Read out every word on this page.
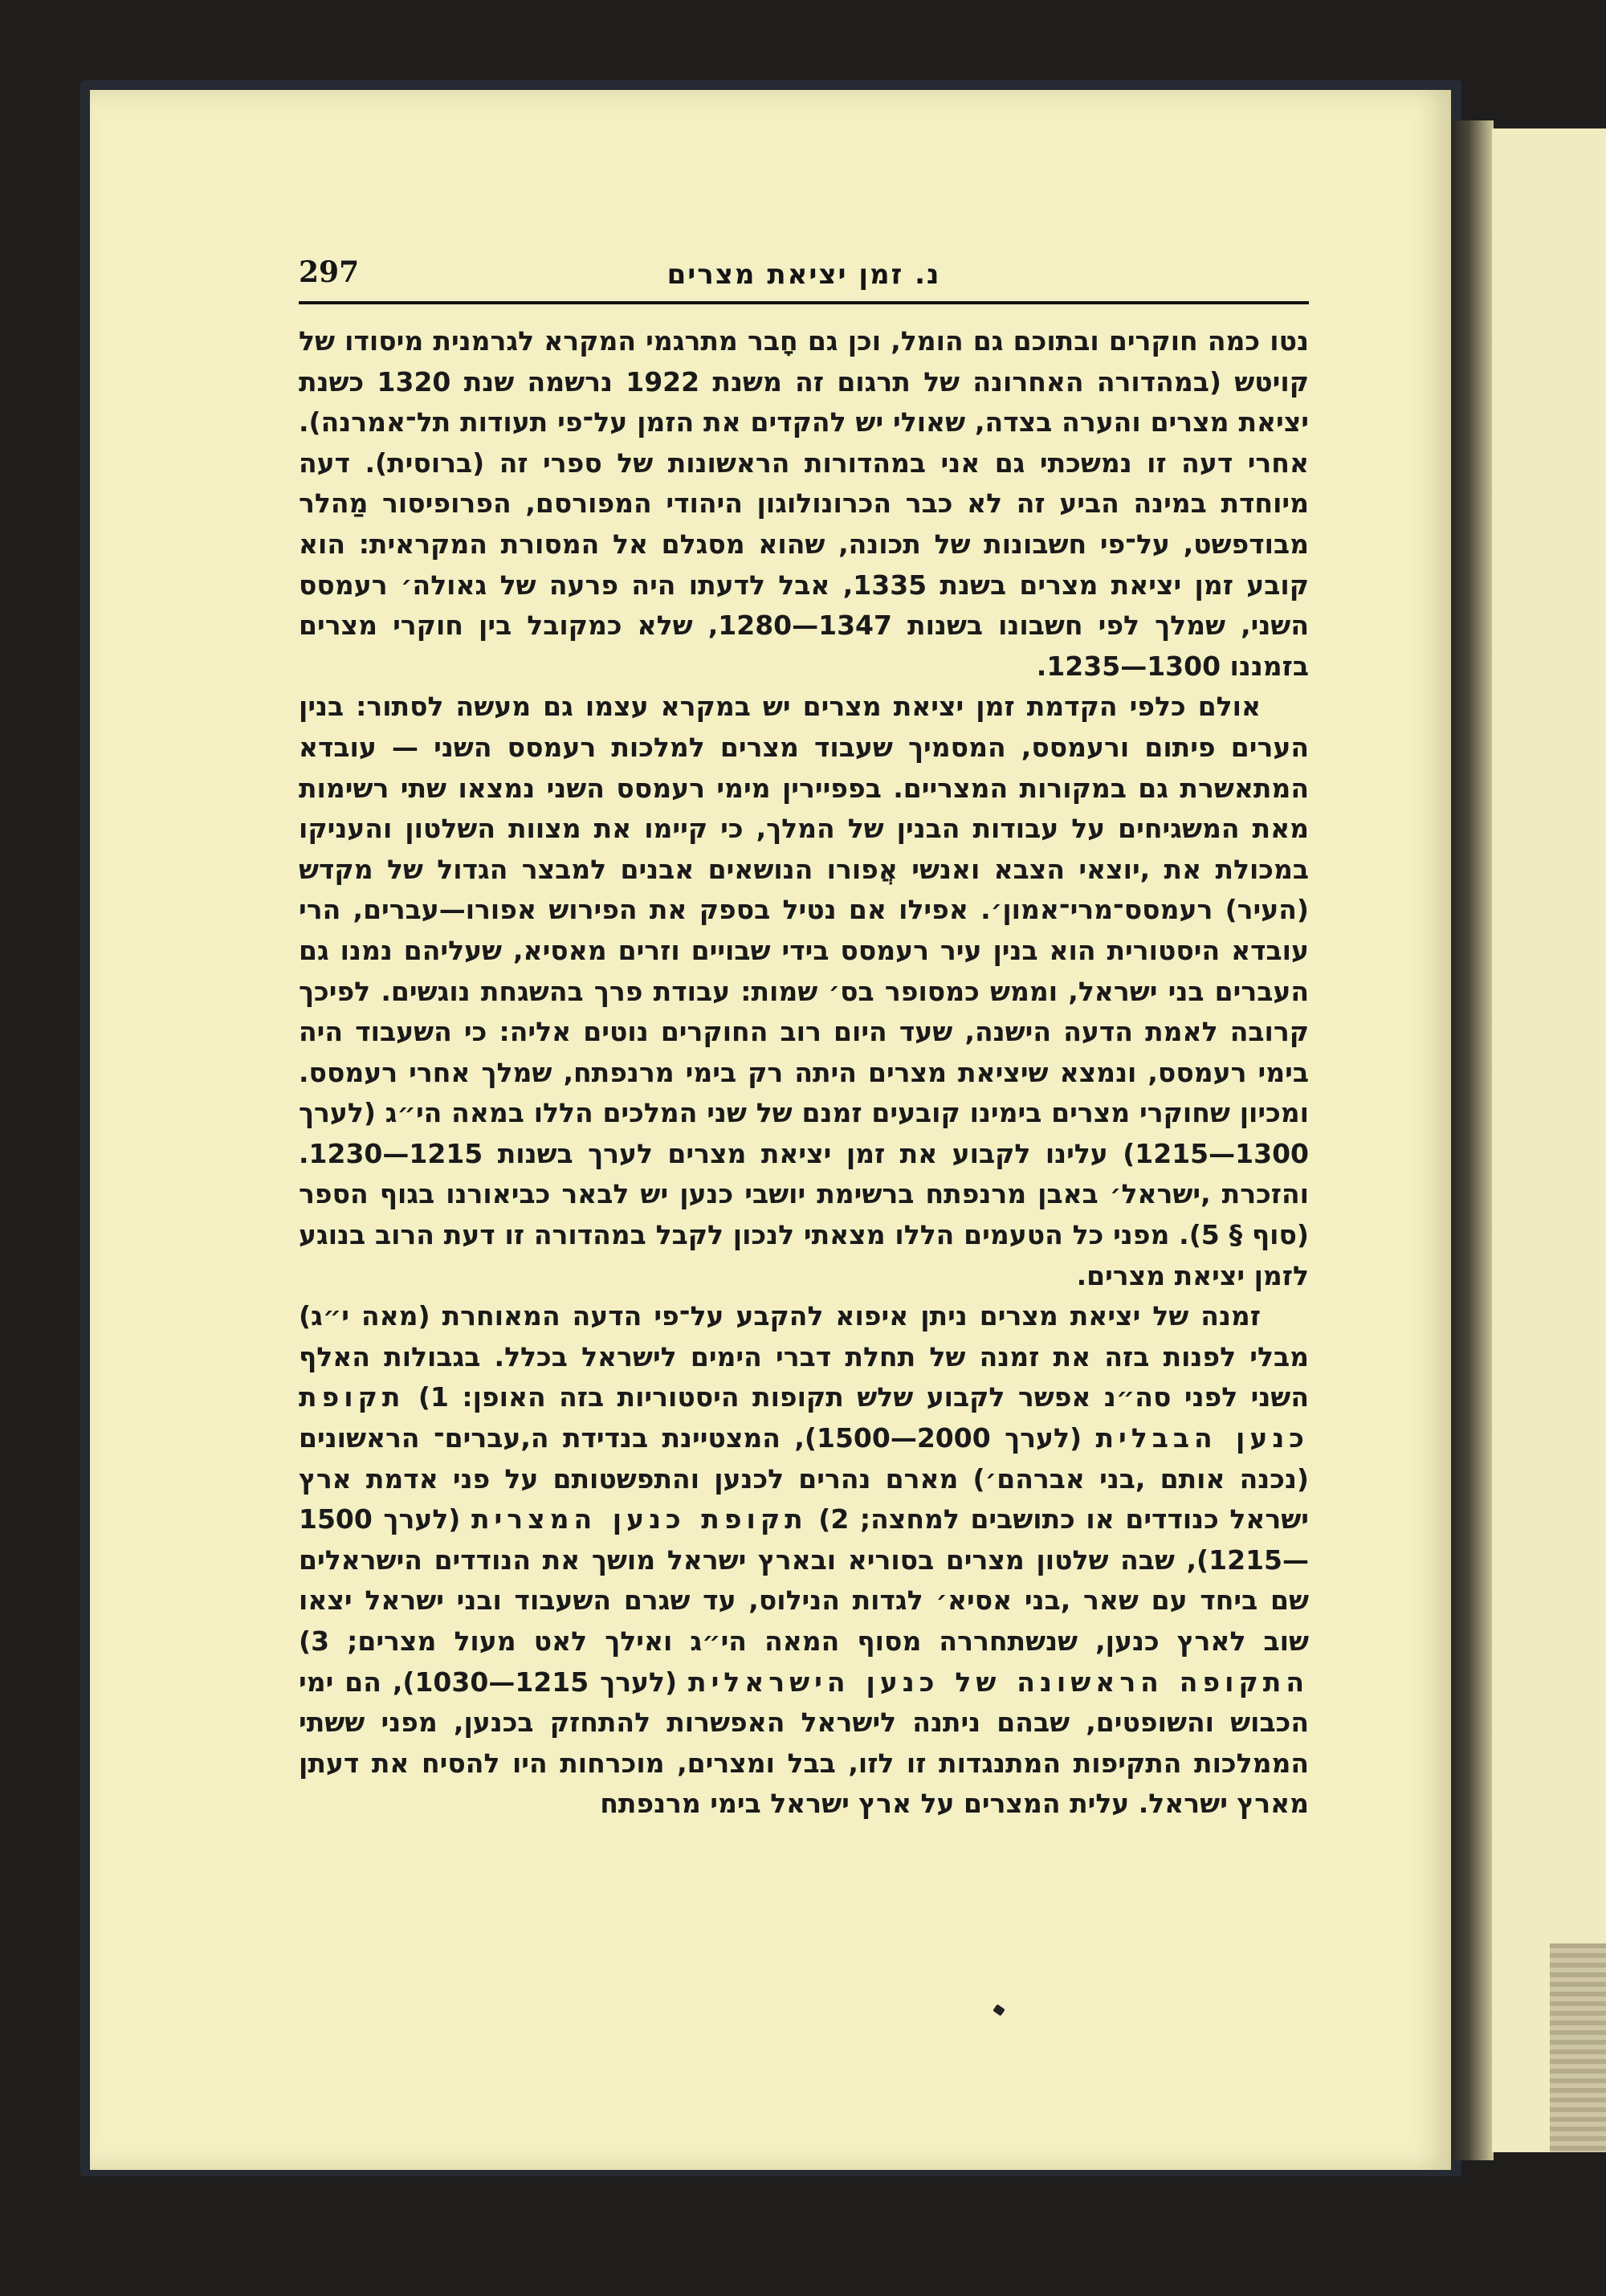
נ. זמן יציאת מצרים
297

נטו כמה חוקרים ובתוכם גם הומל, וכן גם חָבר מתרגמי המקרא לגרמנית מיסודו של קויטש (במהדורה האחרונה של תרגום זה משנת 1922 נרשמה שנת 1320 כשנת יציאת מצרים והערה בצדה, שאולי יש להקדים את הזמן על־פי תעודות תל־אמרנה). אחרי דעה זו נמשכתי גם אני במהדורות הראשונות של ספרי זה (ברוסית). דעה מיוחדת במינה הביע זה לא כבר הכרונולוגון היהודי המפורסם, הפרופיסור מַהלר מבודפשט, על־פי חשבונות של תכונה, שהוא מסגלם אל המסורת המקראית: הוא קובע זמן יציאת מצרים בשנת 1335, אבל לדעתו היה פרעה של גאולה׳ רעמסס השני, שמלך לפי חשבונו בשנות 1347—1280, שלא כמקובל בין חוקרי מצרים בזמננו 1300—1235.

אולם כלפי הקדמת זמן יציאת מצרים יש במקרא עצמו גם מעשה לסתור: בנין הערים פיתום ורעמסס, המסמיך שעבוד מצרים למלכות רעמסס השני — עובדא המתאשרת גם במקורות המצריים. בפפיירין מימי רעמסס השני נמצאו שתי רשימות מאת המשגיחים על עבודות הבנין של המלך, כי קיימו את מצוות השלטון והעניקו במכולת את ,יוצאי הצבא ואנשי אֲפורו הנושאים אבנים למבצר הגדול של מקדש (העיר) רעמסס־מרי־אמון׳. אפילו אם נטיל בספק את הפירוש אפורו—עברים, הרי עובדא היסטורית הוא בנין עיר רעמסס בידי שבויים וזרים מאסיא, שעליהם נמנו גם העברים בני ישראל, וממש כמסופר בס׳ שמות: עבודת פרך בהשגחת נוגשים. לפיכך קרובה לאמת הדעה הישנה, שעד היום רוב החוקרים נוטים אליה: כי השעבוד היה בימי רעמסס, ונמצא שיציאת מצרים היתה רק בימי מרנפתח, שמלך אחרי רעמסס. ומכיון שחוקרי מצרים בימינו קובעים זמנם של שני המלכים הללו במאה הי״ג (לערך 1300—1215) עלינו לקבוע את זמן יציאת מצרים לערך בשנות 1215—1230. והזכרת ,ישראל׳ באבן מרנפתח ברשימת יושבי כנען יש לבאר כביאורנו בגוף הספר (סוף § 5). מפני כל הטעמים הללו מצאתי לנכון לקבל במהדורה זו דעת הרוב בנוגע לזמן יציאת מצרים.

זמנה של יציאת מצרים ניתן איפוא להקבע על־פי הדעה המאוחרת (מאה י״ג) מבלי לפנות בזה את זמנה של תחלת דברי הימים לישראל בכלל. בגבולות האלף השני לפני סה״נ אפשר לקבוע שלש תקופות היסטוריות בזה האופן: 1) תקופת כנען הבבלית (לערך 2000—1500), המצטיינת בנדידת ה,עברים־ הראשונים (נכנה אותם ,בני אברהם׳) מארם נהרים לכנען והתפשטותם על פני אדמת ארץ ישראל כנודדים או כתושבים למחצה; 2) תקופת כנען המצרית (לערך 1500—1215), שבה שלטון מצרים בסוריא ובארץ ישראל מושך את הנודדים הישראלים שם ביחד עם שאר ,בני אסיא׳ לגדות הנילוס, עד שגרם השעבוד ובני ישראל יצאו שוב לארץ כנען, שנשתחררה מסוף המאה הי״ג ואילך לאט מעול מצרים; 3) התקופה הראשונה של כנען הישראלית (לערך 1215—1030), הם ימי הכבוש והשופטים, שבהם ניתנה לישראל האפשרות להתחזק בכנען, מפני ששתי הממלכות התקיפות המתנגדות זו לזו, בבל ומצרים, מוכרחות היו להסיח את דעתן מארץ ישראל. עלית המצרים על ארץ ישראל בימי מרנפתח
